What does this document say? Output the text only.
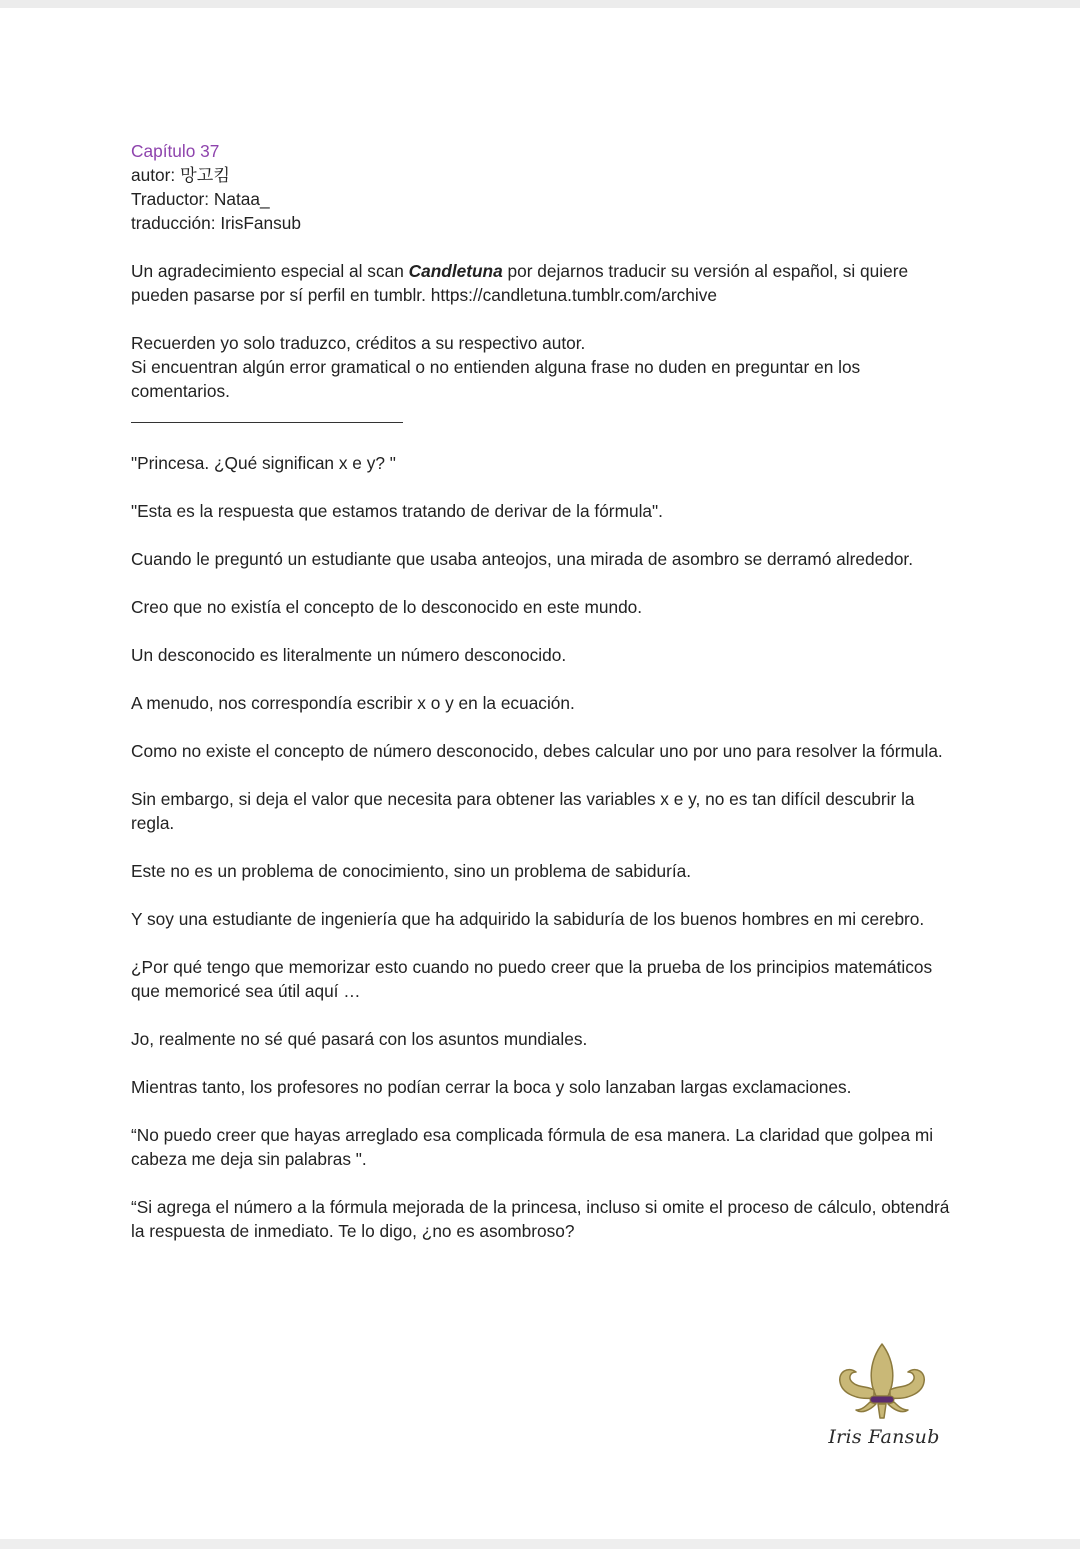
Capítulo 37

autor: 망고킴

Traductor: Nataa_

traducción: IrisFansub

Un agradecimiento especial al scan Candletuna por dejarnos traducir su versión al español, si quiere pueden pasarse por sí perfil en tumblr. https://candletuna.tumblr.com/archive

Recuerden yo solo traduzco, créditos a su respectivo autor.

Si encuentran algún error gramatical o no entienden alguna frase no duden en preguntar en los comentarios.

"Princesa. ¿Qué significan x e y? "

"Esta es la respuesta que estamos tratando de derivar de la fórmula".

Cuando le preguntó un estudiante que usaba anteojos, una mirada de asombro se derramó alrededor.

Creo que no existía el concepto de lo desconocido en este mundo.

Un desconocido es literalmente un número desconocido.

A menudo, nos correspondía escribir x o y en la ecuación.

Como no existe el concepto de número desconocido, debes calcular uno por uno para resolver la fórmula.

Sin embargo, si deja el valor que necesita para obtener las variables x e y, no es tan difícil descubrir la regla.

Este no es un problema de conocimiento, sino un problema de sabiduría.

Y soy una estudiante de ingeniería que ha adquirido la sabiduría de los buenos hombres en mi cerebro.

¿Por qué tengo que memorizar esto cuando no puedo creer que la prueba de los principios matemáticos que memoricé sea útil aquí …

Jo, realmente no sé qué pasará con los asuntos mundiales.

Mientras tanto, los profesores no podían cerrar la boca y solo lanzaban largas exclamaciones.

“No puedo creer que hayas arreglado esa complicada fórmula de esa manera. La claridad que golpea mi cabeza me deja sin palabras ".

“Si agrega el número a la fórmula mejorada de la princesa, incluso si omite el proceso de cálculo, obtendrá la respuesta de inmediato. Te lo digo, ¿no es asombroso?

Iris Fansub
